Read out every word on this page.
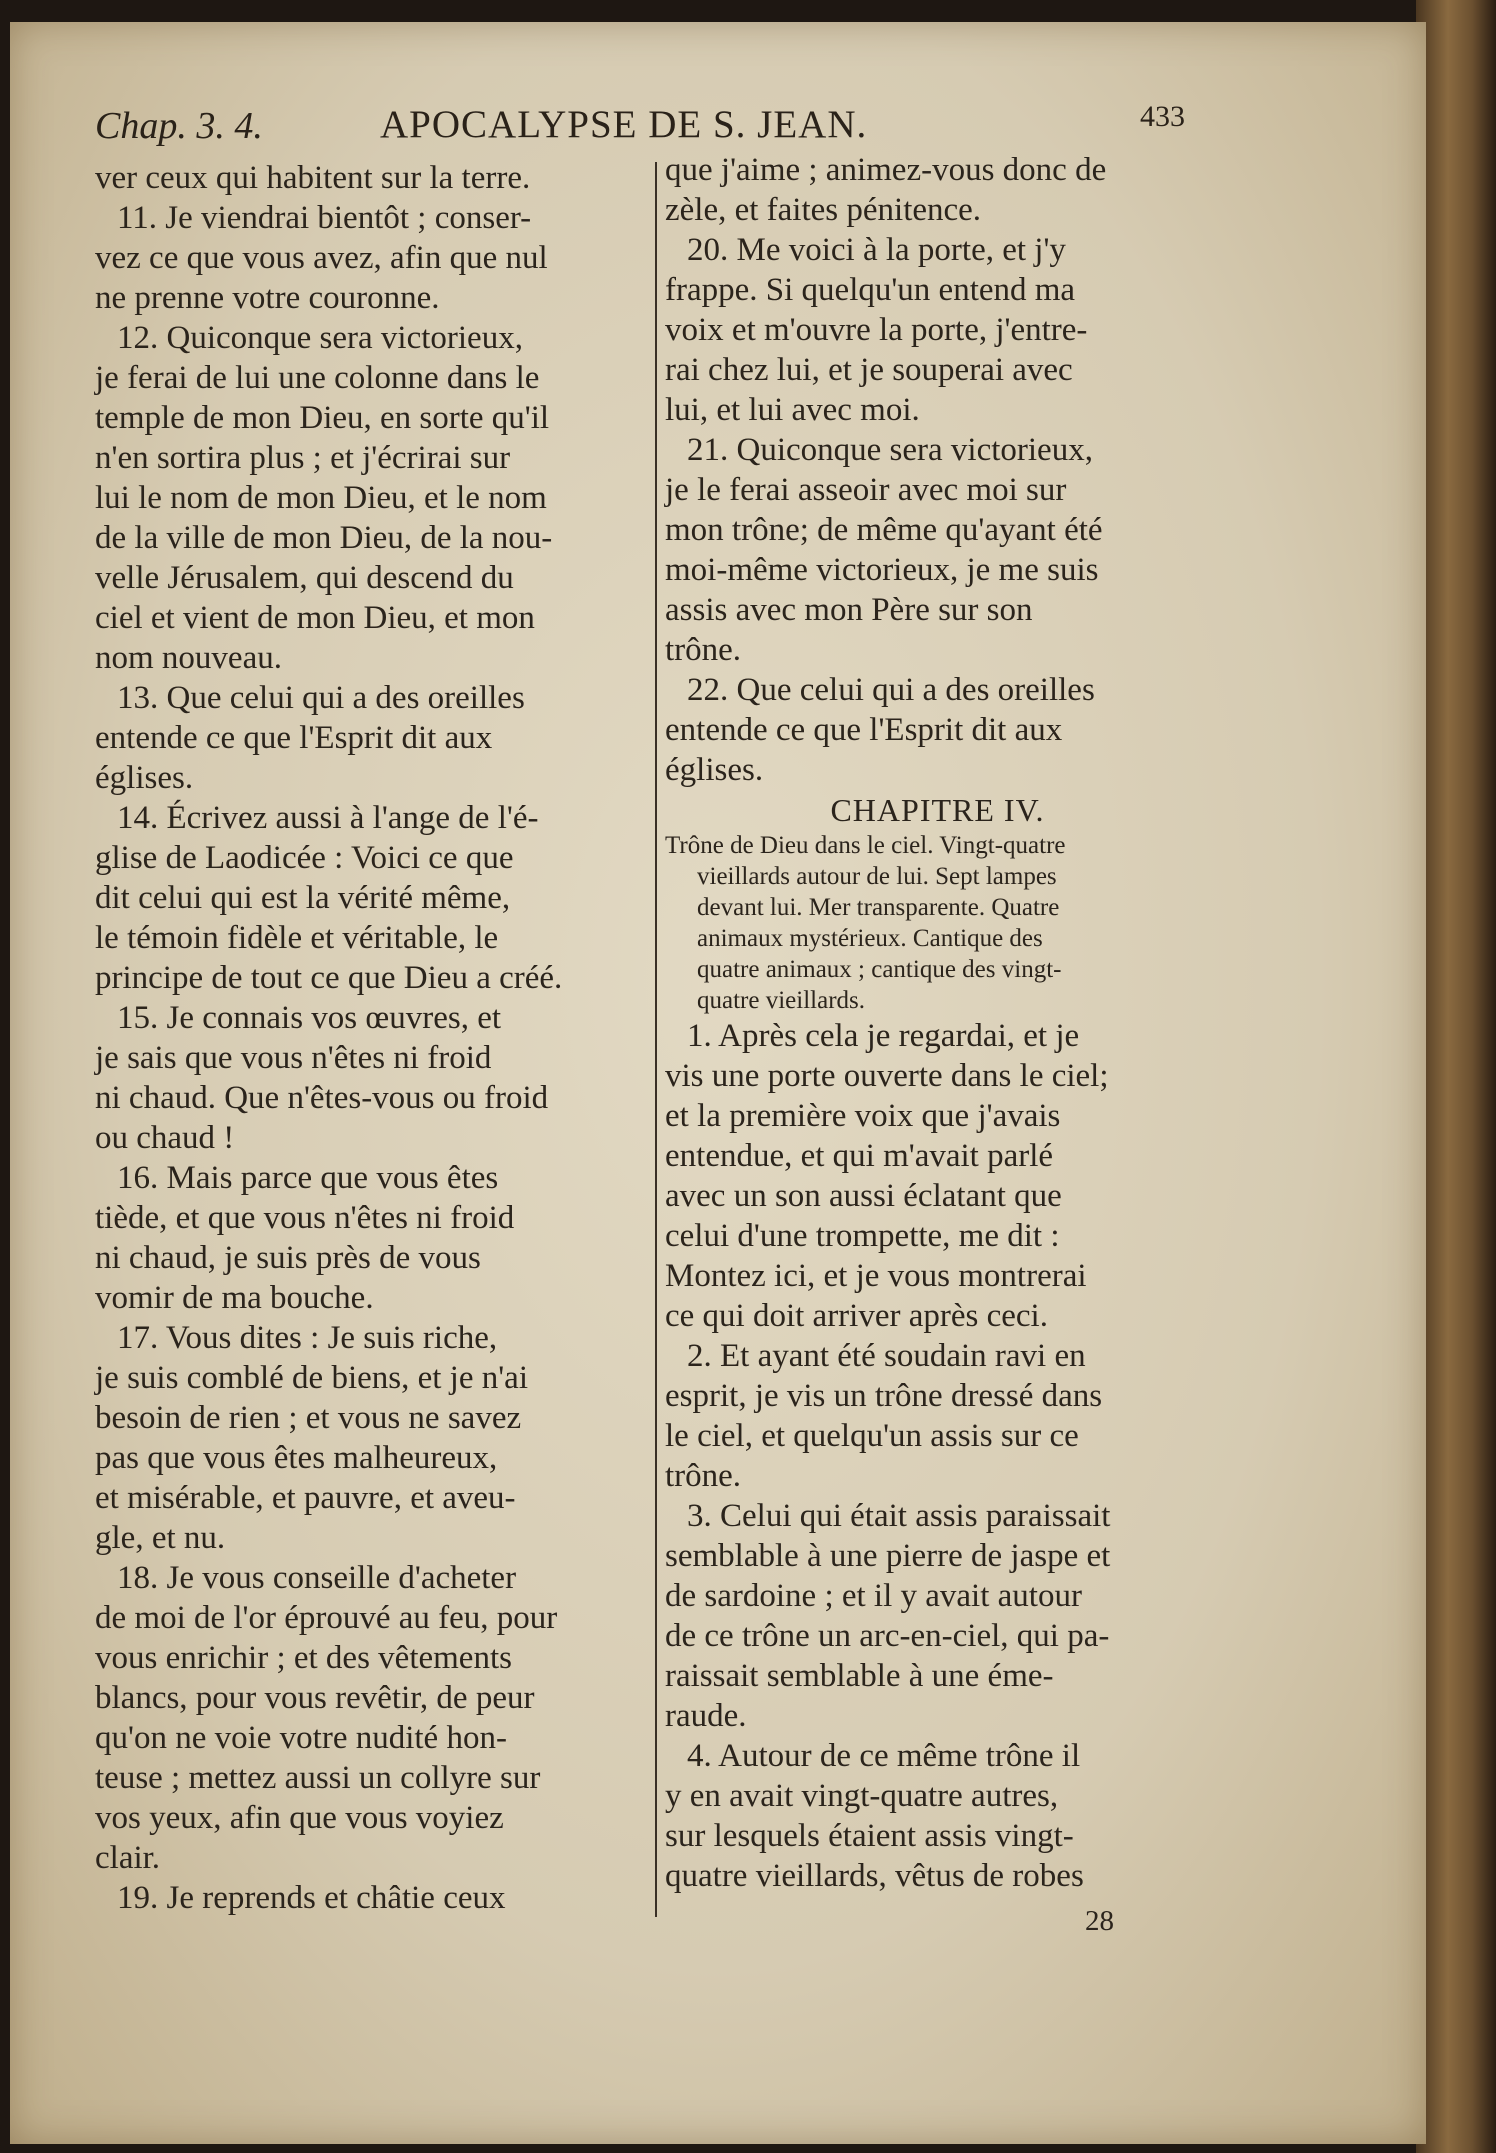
Chap. 3. 4.	APOCALYPSE DE S. JEAN.	433
ver ceux qui habitent sur la terre.
11. Je viendrai bientôt ; conser-
vez ce que vous avez, afin que nul
ne prenne votre couronne.
12. Quiconque sera victorieux,
je ferai de lui une colonne dans le
temple de mon Dieu, en sorte qu'il
n'en sortira plus ; et j'écrirai sur
lui le nom de mon Dieu, et le nom
de la ville de mon Dieu, de la nou-
velle Jérusalem, qui descend du
ciel et vient de mon Dieu, et mon
nom nouveau.
13. Que celui qui a des oreilles
entende ce que l'Esprit dit aux
églises.
14. Écrivez aussi à l'ange de l'é-
glise de Laodicée : Voici ce que
dit celui qui est la vérité même,
le témoin fidèle et véritable, le
principe de tout ce que Dieu a créé.
15. Je connais vos œuvres, et
je sais que vous n'êtes ni froid
ni chaud. Que n'êtes-vous ou froid
ou chaud !
16. Mais parce que vous êtes
tiède, et que vous n'êtes ni froid
ni chaud, je suis près de vous
vomir de ma bouche.
17. Vous dites : Je suis riche,
je suis comblé de biens, et je n'ai
besoin de rien ; et vous ne savez
pas que vous êtes malheureux,
et misérable, et pauvre, et aveu-
gle, et nu.
18. Je vous conseille d'acheter
de moi de l'or éprouvé au feu, pour
vous enrichir ; et des vêtements
blancs, pour vous revêtir, de peur
qu'on ne voie votre nudité hon-
teuse ; mettez aussi un collyre sur
vos yeux, afin que vous voyiez
clair.
19. Je reprends et châtie ceux
que j'aime ; animez-vous donc de
zèle, et faites pénitence.
20. Me voici à la porte, et j'y
frappe. Si quelqu'un entend ma
voix et m'ouvre la porte, j'entre-
rai chez lui, et je souperai avec
lui, et lui avec moi.
21. Quiconque sera victorieux,
je le ferai asseoir avec moi sur
mon trône; de même qu'ayant été
moi-même victorieux, je me suis
assis avec mon Père sur son
trône.
22. Que celui qui a des oreilles
entende ce que l'Esprit dit aux
églises.
CHAPITRE IV.
Trône de Dieu dans le ciel. Vingt-quatre
vieillards autour de lui. Sept lampes
devant lui. Mer transparente. Quatre
animaux mystérieux. Cantique des
quatre animaux ; cantique des vingt-
quatre vieillards.
1. Après cela je regardai, et je
vis une porte ouverte dans le ciel;
et la première voix que j'avais
entendue, et qui m'avait parlé
avec un son aussi éclatant que
celui d'une trompette, me dit :
Montez ici, et je vous montrerai
ce qui doit arriver après ceci.
2. Et ayant été soudain ravi en
esprit, je vis un trône dressé dans
le ciel, et quelqu'un assis sur ce
trône.
3. Celui qui était assis paraissait
semblable à une pierre de jaspe et
de sardoine ; et il y avait autour
de ce trône un arc-en-ciel, qui pa-
raissait semblable à une éme-
raude.
4. Autour de ce même trône il
y en avait vingt-quatre autres,
sur lesquels étaient assis vingt-
quatre vieillards, vêtus de robes
28
